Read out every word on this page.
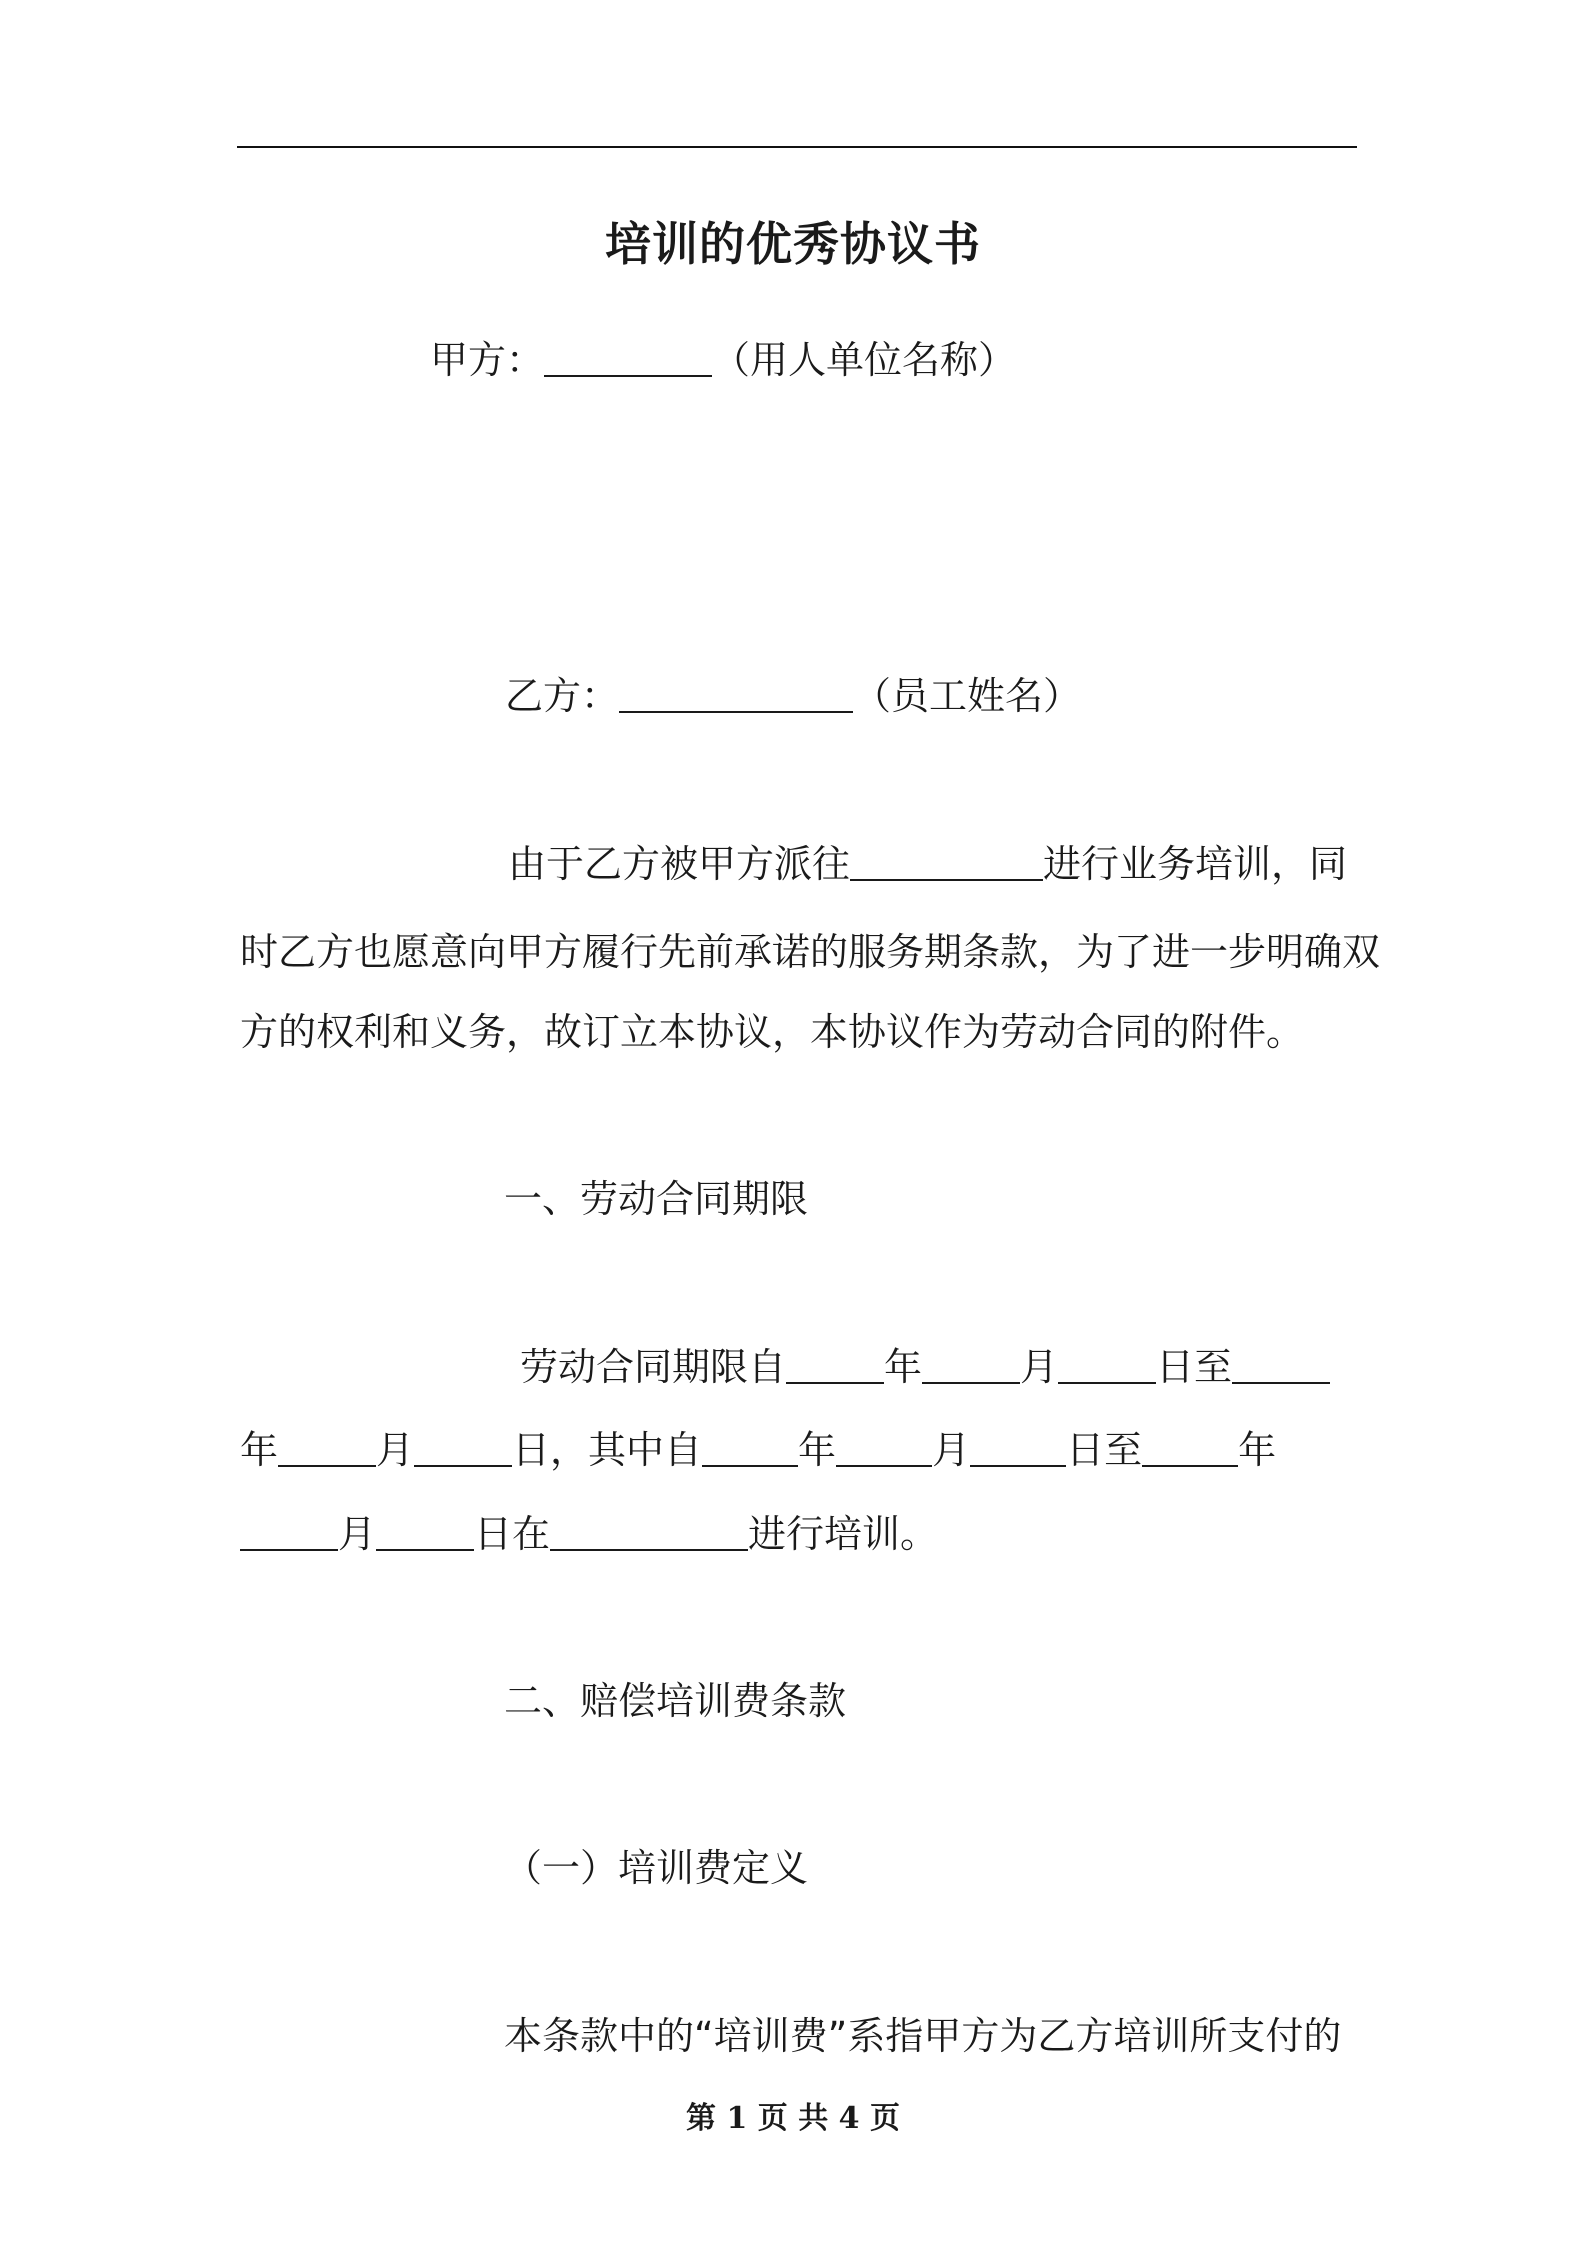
培训的优秀协议书
甲方：	（用人单位名称）
乙方：	（员工姓名）
由于乙方被甲方派往	进行业务培训，同
时乙方也愿意向甲方履行先前承诺的服务期条款，为了进一步明确双
方的权利和义务，故订立本协议，本协议作为劳动合同的附件。
一、劳动合同期限
劳动合同期限自	年	月	日至
年	月	日，其中自	年	月	日至	年
月	日在	进行培训。
二、赔偿培训费条款
（一）培训费定义
本条款中的“培训费”系指甲方为乙方培训所支付的
第 1 页 共 4 页
